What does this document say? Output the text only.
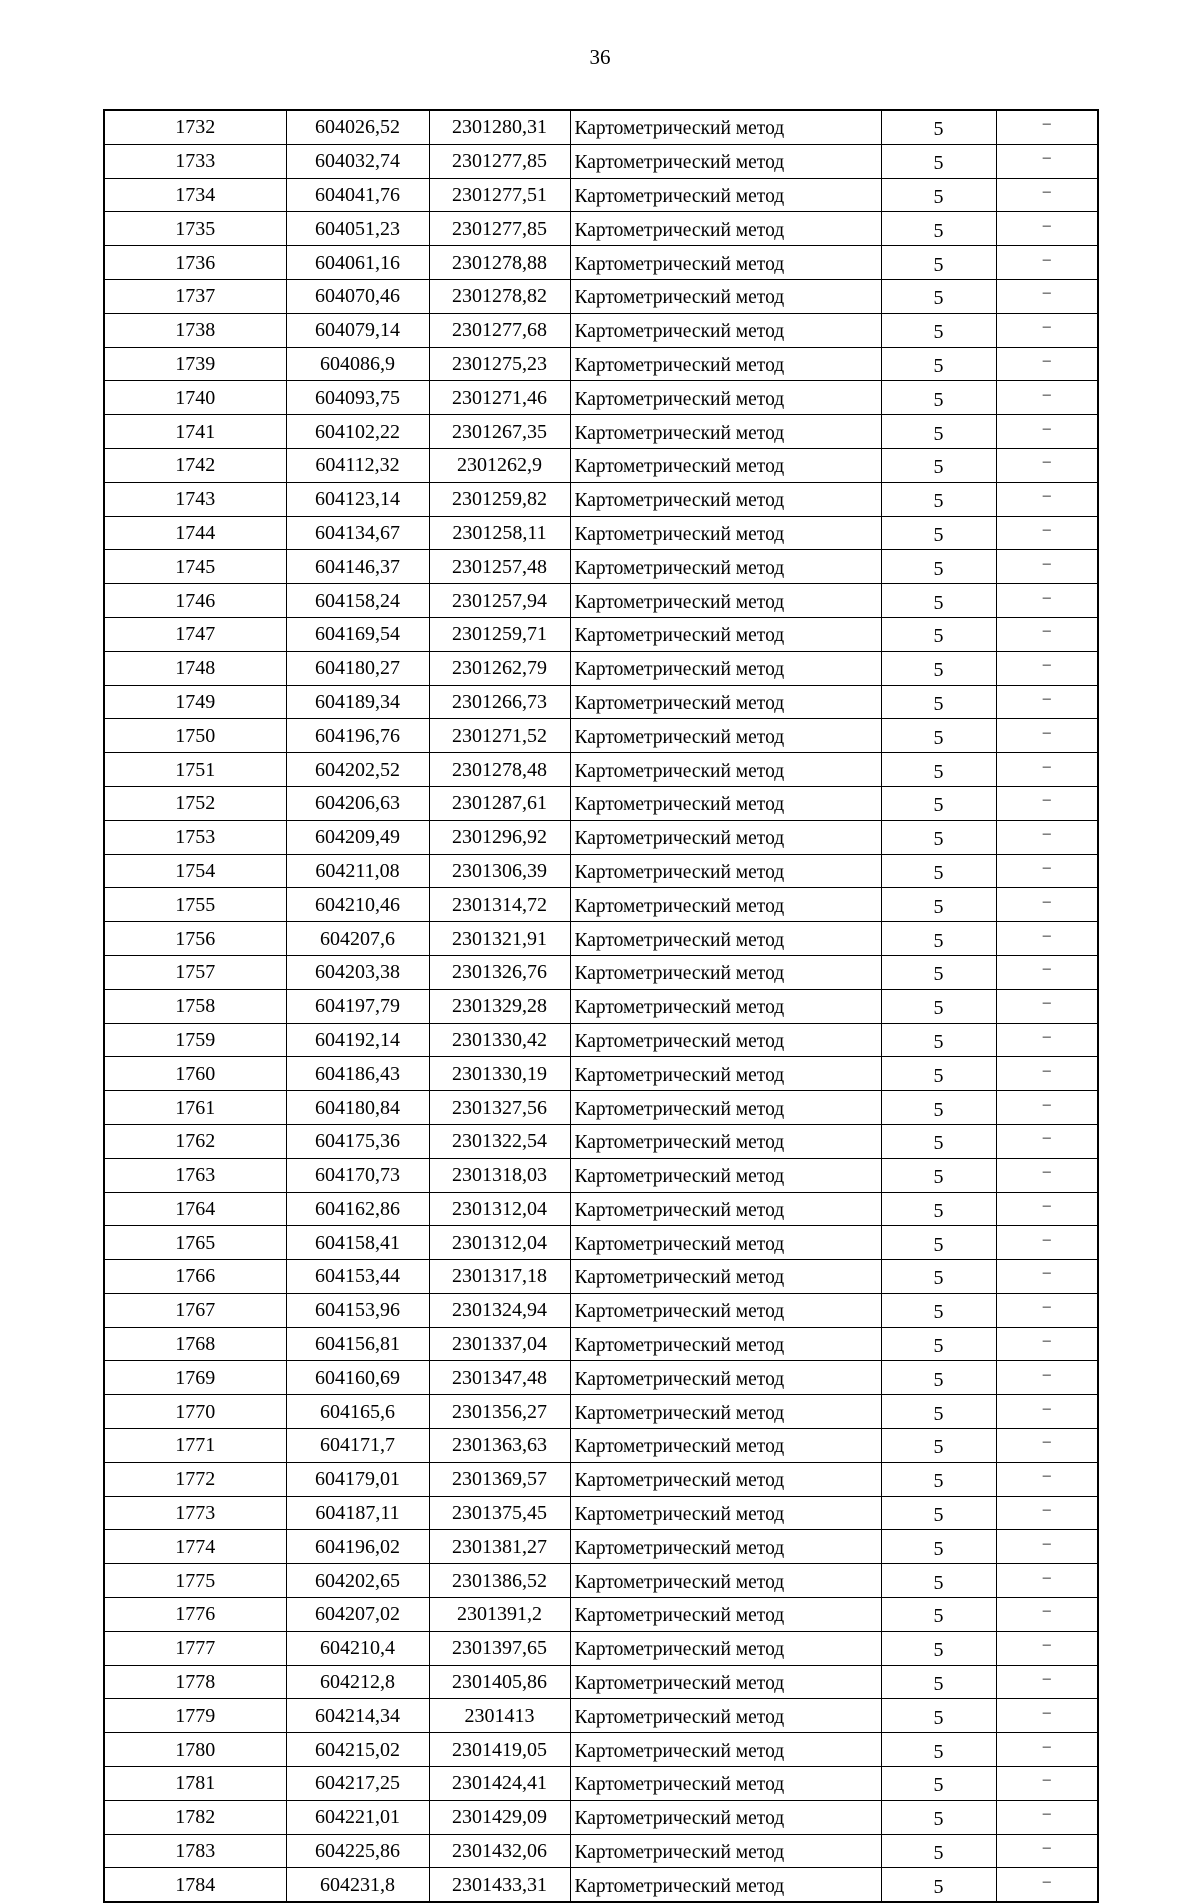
36
1732	604026,52	2301280,31	Картометрический метод	5	–
1733	604032,74	2301277,85	Картометрический метод	5	–
1734	604041,76	2301277,51	Картометрический метод	5	–
1735	604051,23	2301277,85	Картометрический метод	5	–
1736	604061,16	2301278,88	Картометрический метод	5	–
1737	604070,46	2301278,82	Картометрический метод	5	–
1738	604079,14	2301277,68	Картометрический метод	5	–
1739	604086,9	2301275,23	Картометрический метод	5	–
1740	604093,75	2301271,46	Картометрический метод	5	–
1741	604102,22	2301267,35	Картометрический метод	5	–
1742	604112,32	2301262,9	Картометрический метод	5	–
1743	604123,14	2301259,82	Картометрический метод	5	–
1744	604134,67	2301258,11	Картометрический метод	5	–
1745	604146,37	2301257,48	Картометрический метод	5	–
1746	604158,24	2301257,94	Картометрический метод	5	–
1747	604169,54	2301259,71	Картометрический метод	5	–
1748	604180,27	2301262,79	Картометрический метод	5	–
1749	604189,34	2301266,73	Картометрический метод	5	–
1750	604196,76	2301271,52	Картометрический метод	5	–
1751	604202,52	2301278,48	Картометрический метод	5	–
1752	604206,63	2301287,61	Картометрический метод	5	–
1753	604209,49	2301296,92	Картометрический метод	5	–
1754	604211,08	2301306,39	Картометрический метод	5	–
1755	604210,46	2301314,72	Картометрический метод	5	–
1756	604207,6	2301321,91	Картометрический метод	5	–
1757	604203,38	2301326,76	Картометрический метод	5	–
1758	604197,79	2301329,28	Картометрический метод	5	–
1759	604192,14	2301330,42	Картометрический метод	5	–
1760	604186,43	2301330,19	Картометрический метод	5	–
1761	604180,84	2301327,56	Картометрический метод	5	–
1762	604175,36	2301322,54	Картометрический метод	5	–
1763	604170,73	2301318,03	Картометрический метод	5	–
1764	604162,86	2301312,04	Картометрический метод	5	–
1765	604158,41	2301312,04	Картометрический метод	5	–
1766	604153,44	2301317,18	Картометрический метод	5	–
1767	604153,96	2301324,94	Картометрический метод	5	–
1768	604156,81	2301337,04	Картометрический метод	5	–
1769	604160,69	2301347,48	Картометрический метод	5	–
1770	604165,6	2301356,27	Картометрический метод	5	–
1771	604171,7	2301363,63	Картометрический метод	5	–
1772	604179,01	2301369,57	Картометрический метод	5	–
1773	604187,11	2301375,45	Картометрический метод	5	–
1774	604196,02	2301381,27	Картометрический метод	5	–
1775	604202,65	2301386,52	Картометрический метод	5	–
1776	604207,02	2301391,2	Картометрический метод	5	–
1777	604210,4	2301397,65	Картометрический метод	5	–
1778	604212,8	2301405,86	Картометрический метод	5	–
1779	604214,34	2301413	Картометрический метод	5	–
1780	604215,02	2301419,05	Картометрический метод	5	–
1781	604217,25	2301424,41	Картометрический метод	5	–
1782	604221,01	2301429,09	Картометрический метод	5	–
1783	604225,86	2301432,06	Картометрический метод	5	–
1784	604231,8	2301433,31	Картометрический метод	5	–
